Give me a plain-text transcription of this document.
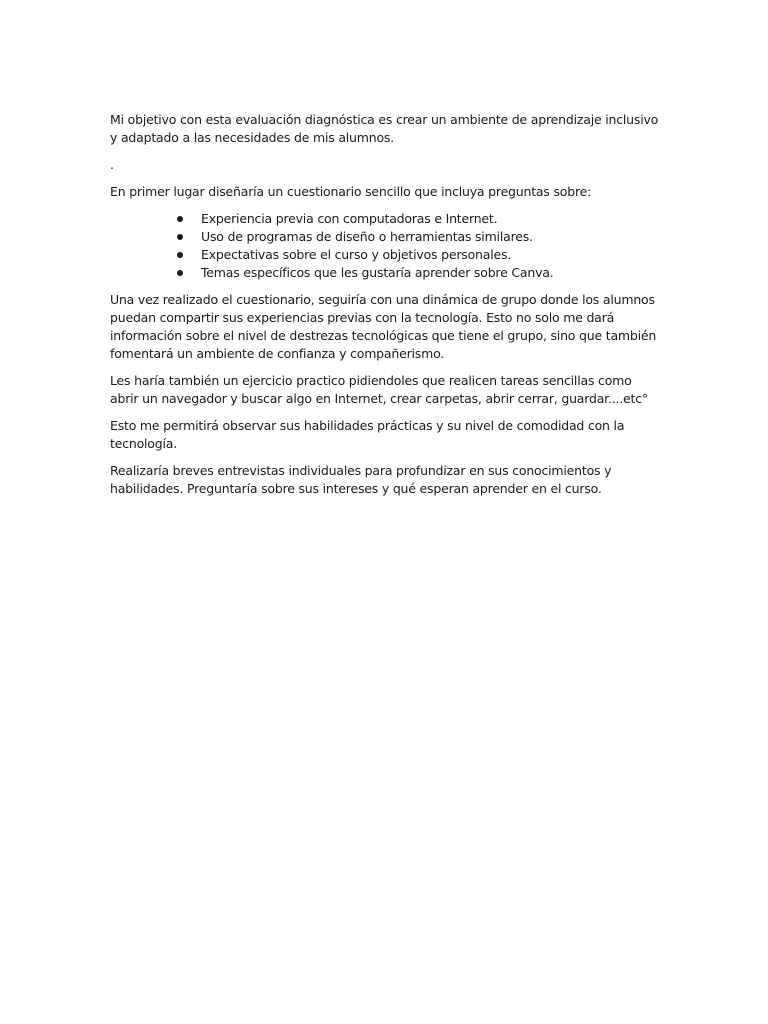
Mi objetivo con esta evaluación diagnóstica es crear un ambiente de aprendizaje inclusivo y adaptado a las necesidades de mis alumnos.

.

En primer lugar diseñaría un cuestionario sencillo que incluya preguntas sobre:

Experiencia previa con computadoras e Internet.
Uso de programas de diseño o herramientas similares.
Expectativas sobre el curso y objetivos personales.
Temas específicos que les gustaría aprender sobre Canva.

Una vez realizado el cuestionario, seguiría con una dinámica de grupo donde los alumnos puedan compartir sus experiencias previas con la tecnología. Esto no solo me dará información sobre el nivel de destrezas tecnológicas que tiene el grupo, sino que también fomentará un ambiente de confianza y compañerismo.

Les haría también un ejercicio practico pidiendoles que realicen tareas sencillas como abrir un navegador y buscar algo en Internet, crear carpetas, abrir cerrar, guardar....etc°

Esto me permitirá observar sus habilidades prácticas y su nivel de comodidad con la tecnología.

Realizaría breves entrevistas individuales para profundizar en sus conocimientos y habilidades. Preguntaría sobre sus intereses y qué esperan aprender en el curso.
